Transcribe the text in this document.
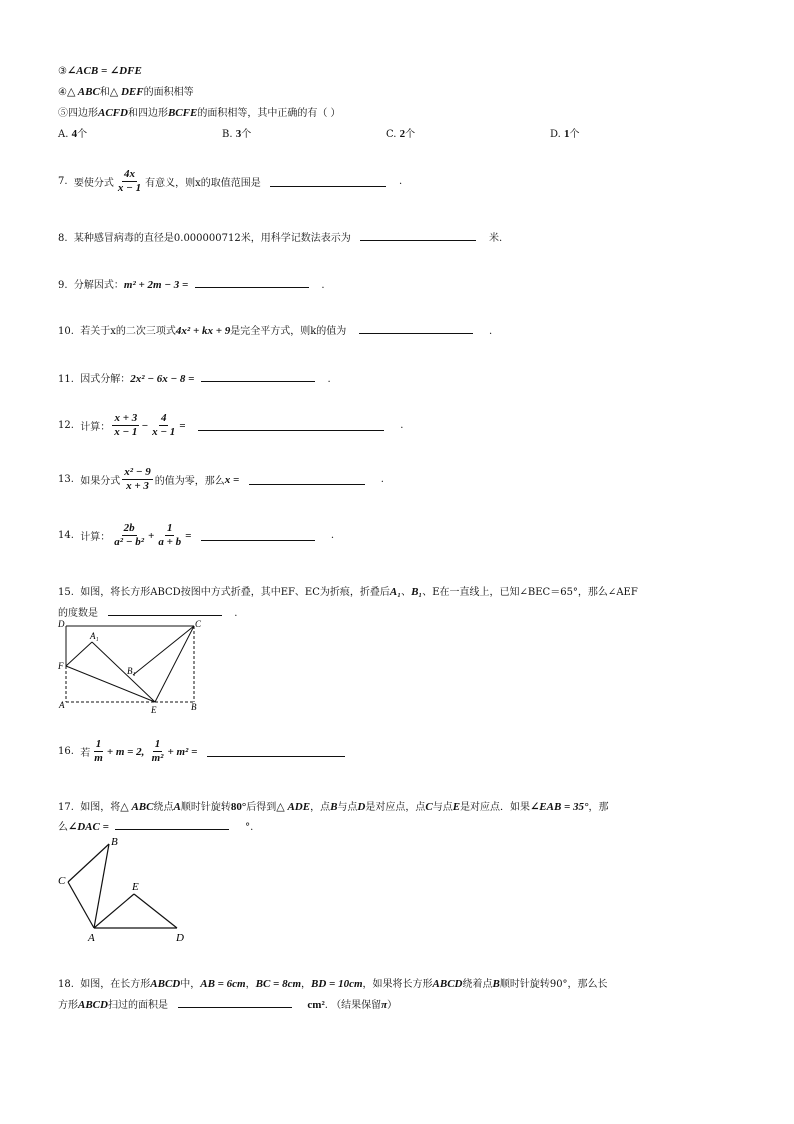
③∠ACB = ∠DFE
④△ ABC和△ DEF的面积相等
⑤四边形ACFD和四边形BCFE的面积相等，其中正确的有（ ）
A. 4个	B. 3个	C. 2个	D. 1个
7.
要使分式 $\frac{4x}{x - 1}$ 有意义，则x的取值范围是

	.
8. 某种感冒病毒的直径是0.000000712米，用科学记数法表示为	米.
9. 分解因式：m² + 2m − 3 =	.
10. 若关于x的二次三项式4x² + kx + 9是完全平方式，则k的值为	.
11. 因式分解：2x² − 6x − 8 =	.
12.
计算： $\frac{x + 3}{x - 1} - \frac{4}{x - 1}$ =

	.
13.
如果分式 $\frac{\text{x² − 9}}{x + 3}$ 的值为零，那么 x =

	.
14.
计算： $\frac{2b}{\text{a² − b²}} + \frac{1}{a + b}$ =

	.
15. 如图，将长方形ABCD按图中方式折叠，其中EF、EC为折痕，折叠后A₁、B₁、E在一直线上，已知∠BEC＝65°，那么∠AEF
的度数是	.
D
A₁
C
F	B₁
A	E	B
16.
若 $\frac{1}{m} + m = 2$,
$\frac{1}{\text{m²}} + m^2$ =

17. 如图，将△ ABC绕点A顺时针旋转80°后得到△ ADE，点B与点D是对应点，点C与点E是对应点．如果∠EAB = 35°，那
么∠DAC =	°.
B
C	E
A	D
18. 如图，在长方形ABCD中，AB = 6cm，BC = 8cm，BD = 10cm，如果将长方形ABCD绕着点B顺时针旋转90°，那么长
方形ABCD扫过的面积是	cm². （结果保留π）
